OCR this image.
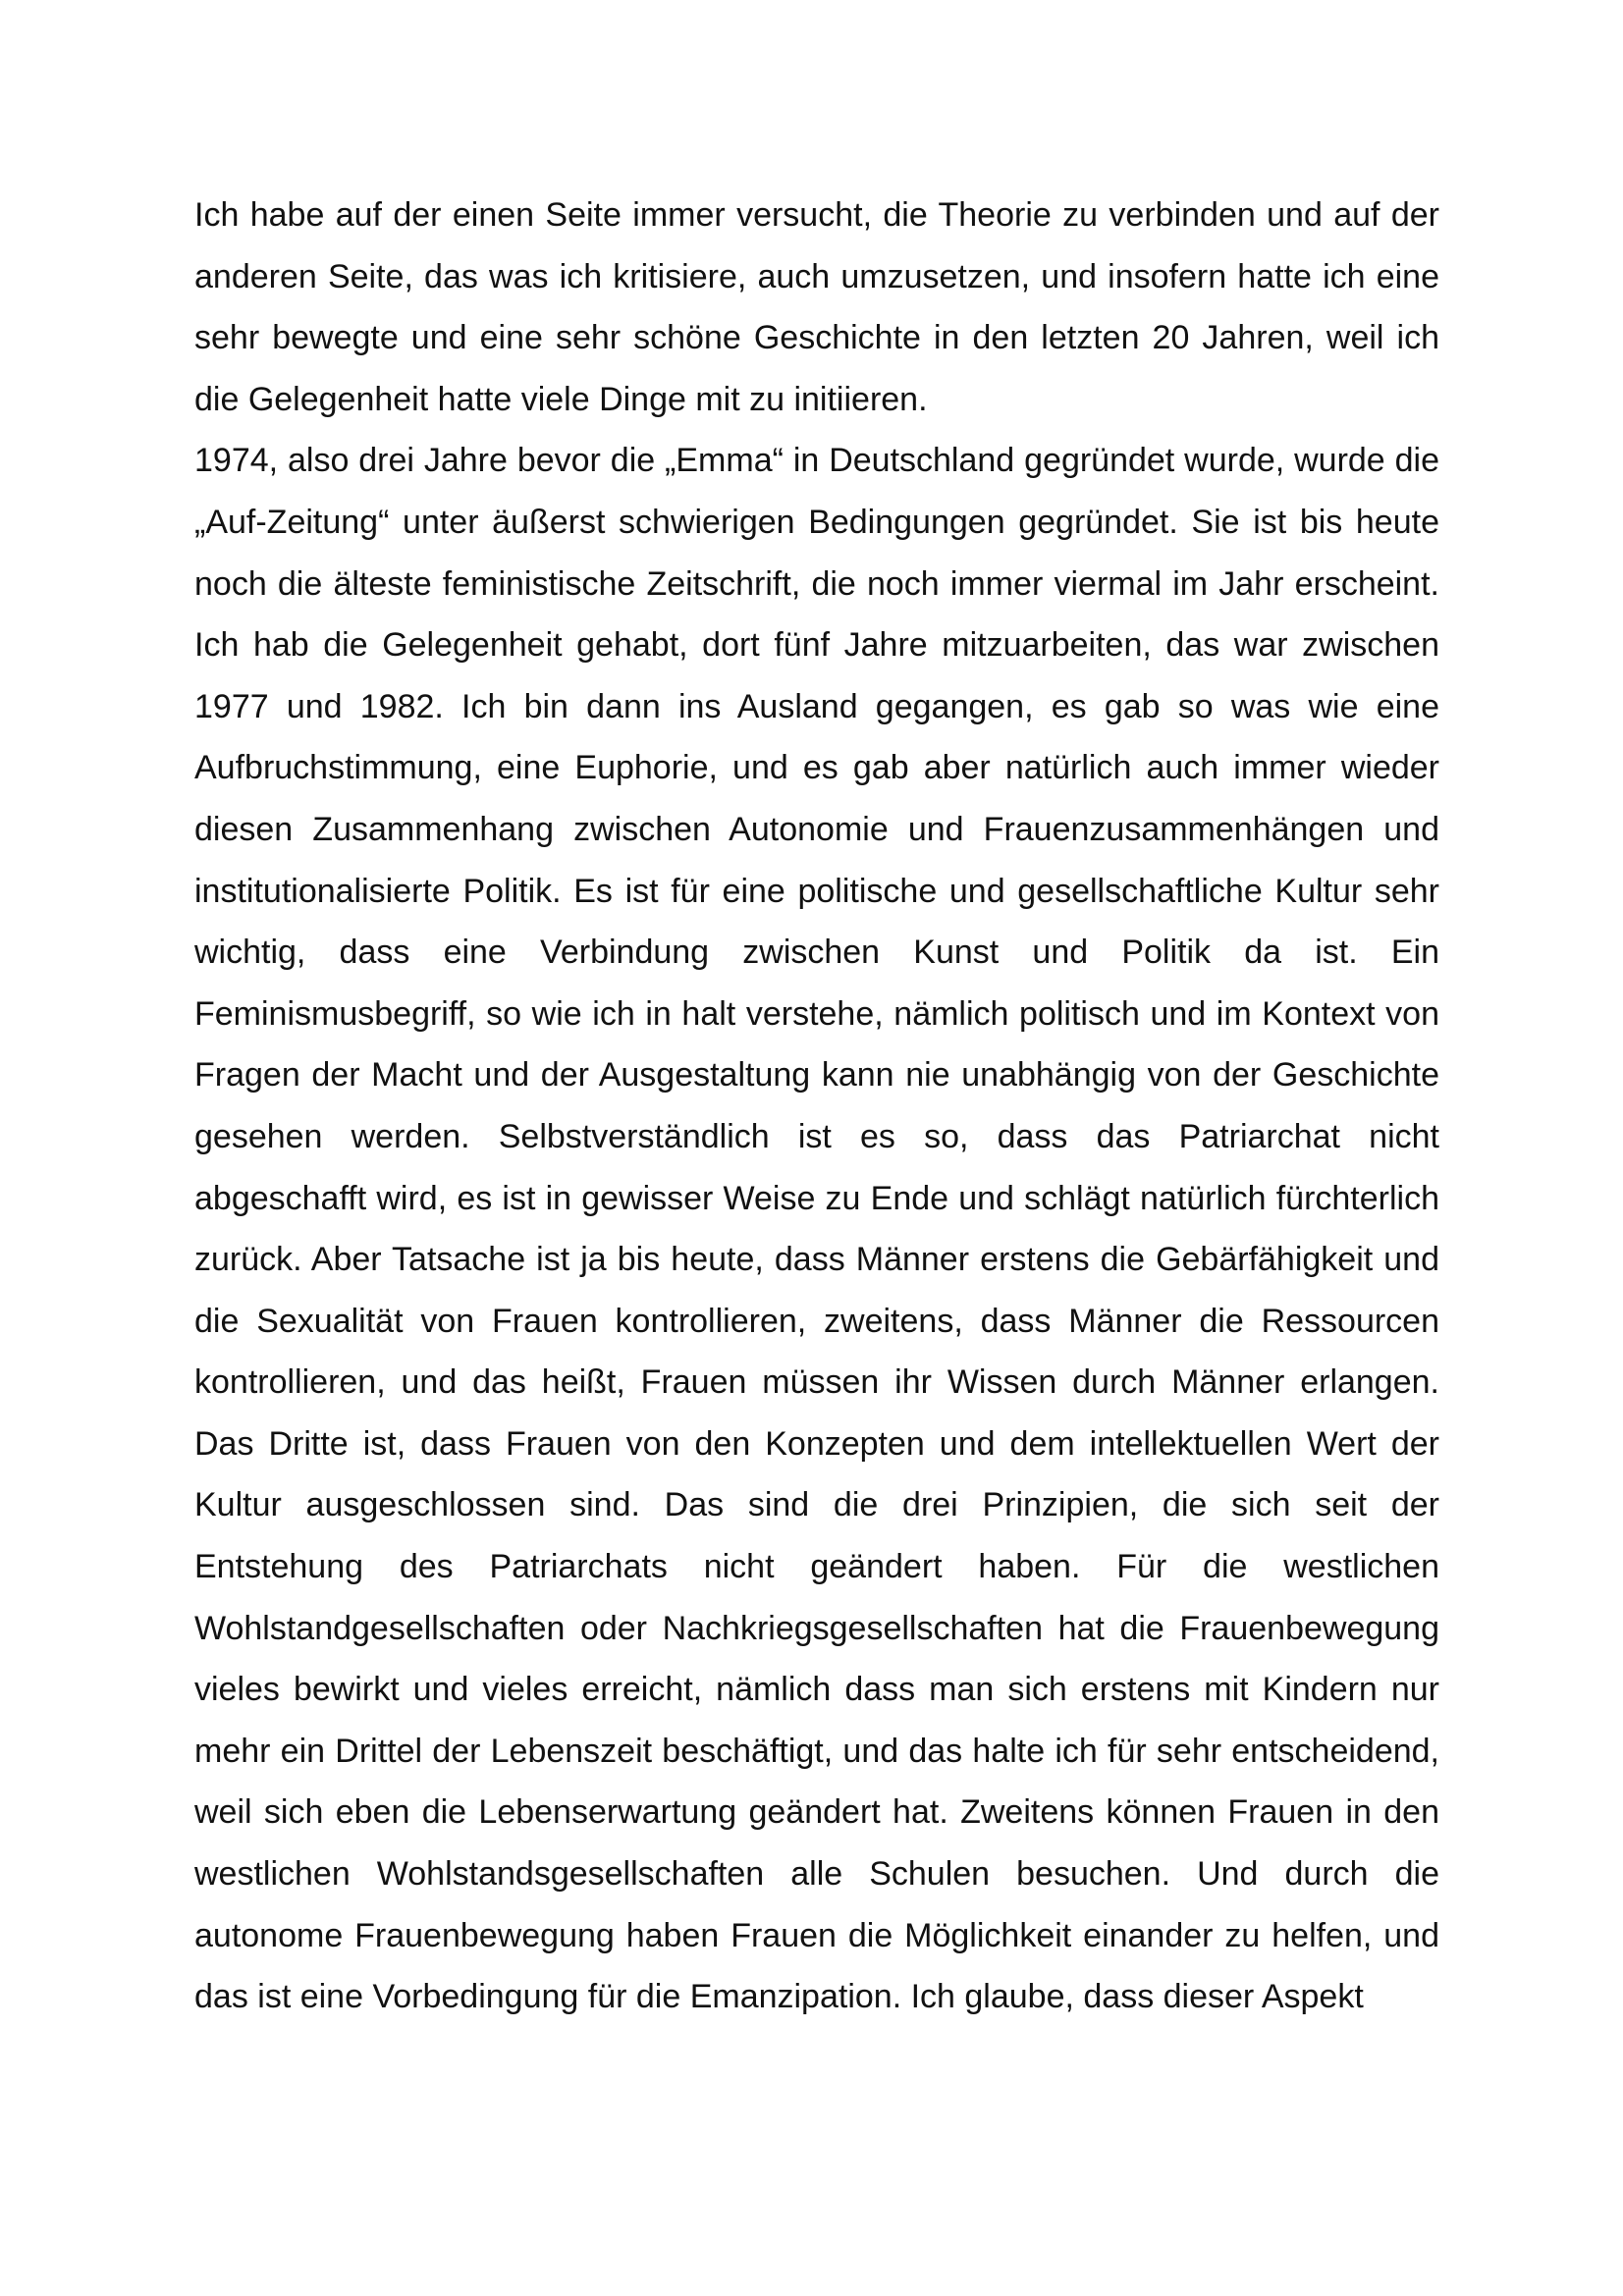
Ich habe auf der einen Seite immer versucht, die Theorie zu verbinden und auf der anderen Seite, das was ich kritisiere, auch umzusetzen, und insofern hatte ich eine sehr bewegte und eine sehr schöne Geschichte in den letzten 20 Jahren, weil ich die Gelegenheit hatte viele Dinge mit zu initiieren.

1974, also drei Jahre bevor die „Emma“ in Deutschland gegründet wurde, wurde die „Auf-Zeitung“ unter äußerst schwierigen Bedingungen gegründet. Sie ist bis heute noch die älteste feministische Zeitschrift, die noch immer viermal im Jahr erscheint. Ich hab die Gelegenheit gehabt, dort fünf Jahre mitzuarbeiten, das war zwischen 1977 und 1982. Ich bin dann ins Ausland gegangen, es gab so was wie eine Aufbruchstimmung, eine Euphorie, und es gab aber natürlich auch immer wieder diesen Zusammenhang zwischen Autonomie und Frauenzusammenhängen und institutionalisierte Politik. Es ist für eine politische und gesellschaftliche Kultur sehr wichtig, dass eine Verbindung zwischen Kunst und Politik da ist. Ein Feminismusbegriff, so wie ich in halt verstehe, nämlich politisch und im Kontext von Fragen der Macht und der Ausgestaltung kann nie unabhängig von der Geschichte gesehen werden. Selbstverständlich ist es so, dass das Patriarchat nicht abgeschafft wird, es ist in gewisser Weise zu Ende und schlägt natürlich fürchterlich zurück. Aber Tatsache ist ja bis heute, dass Männer erstens die Gebärfähigkeit und die Sexualität von Frauen kontrollieren, zweitens, dass Männer die Ressourcen kontrollieren, und das heißt, Frauen müssen ihr Wissen durch Männer erlangen. Das Dritte ist, dass Frauen von den Konzepten und dem intellektuellen Wert der Kultur ausgeschlossen sind. Das sind die drei Prinzipien, die sich seit der Entstehung des Patriarchats nicht geändert haben. Für die westlichen Wohlstandgesellschaften oder Nachkriegsgesellschaften hat die Frauenbewegung vieles bewirkt und vieles erreicht, nämlich dass man sich erstens mit Kindern nur mehr ein Drittel der Lebenszeit beschäftigt, und das halte ich für sehr entscheidend, weil sich eben die Lebenserwartung geändert hat. Zweitens können Frauen in den westlichen Wohlstandsgesellschaften alle Schulen besuchen. Und durch die autonome Frauenbewegung haben Frauen die Möglichkeit einander zu helfen, und das ist eine Vorbedingung für die Emanzipation. Ich glaube, dass dieser Aspekt
